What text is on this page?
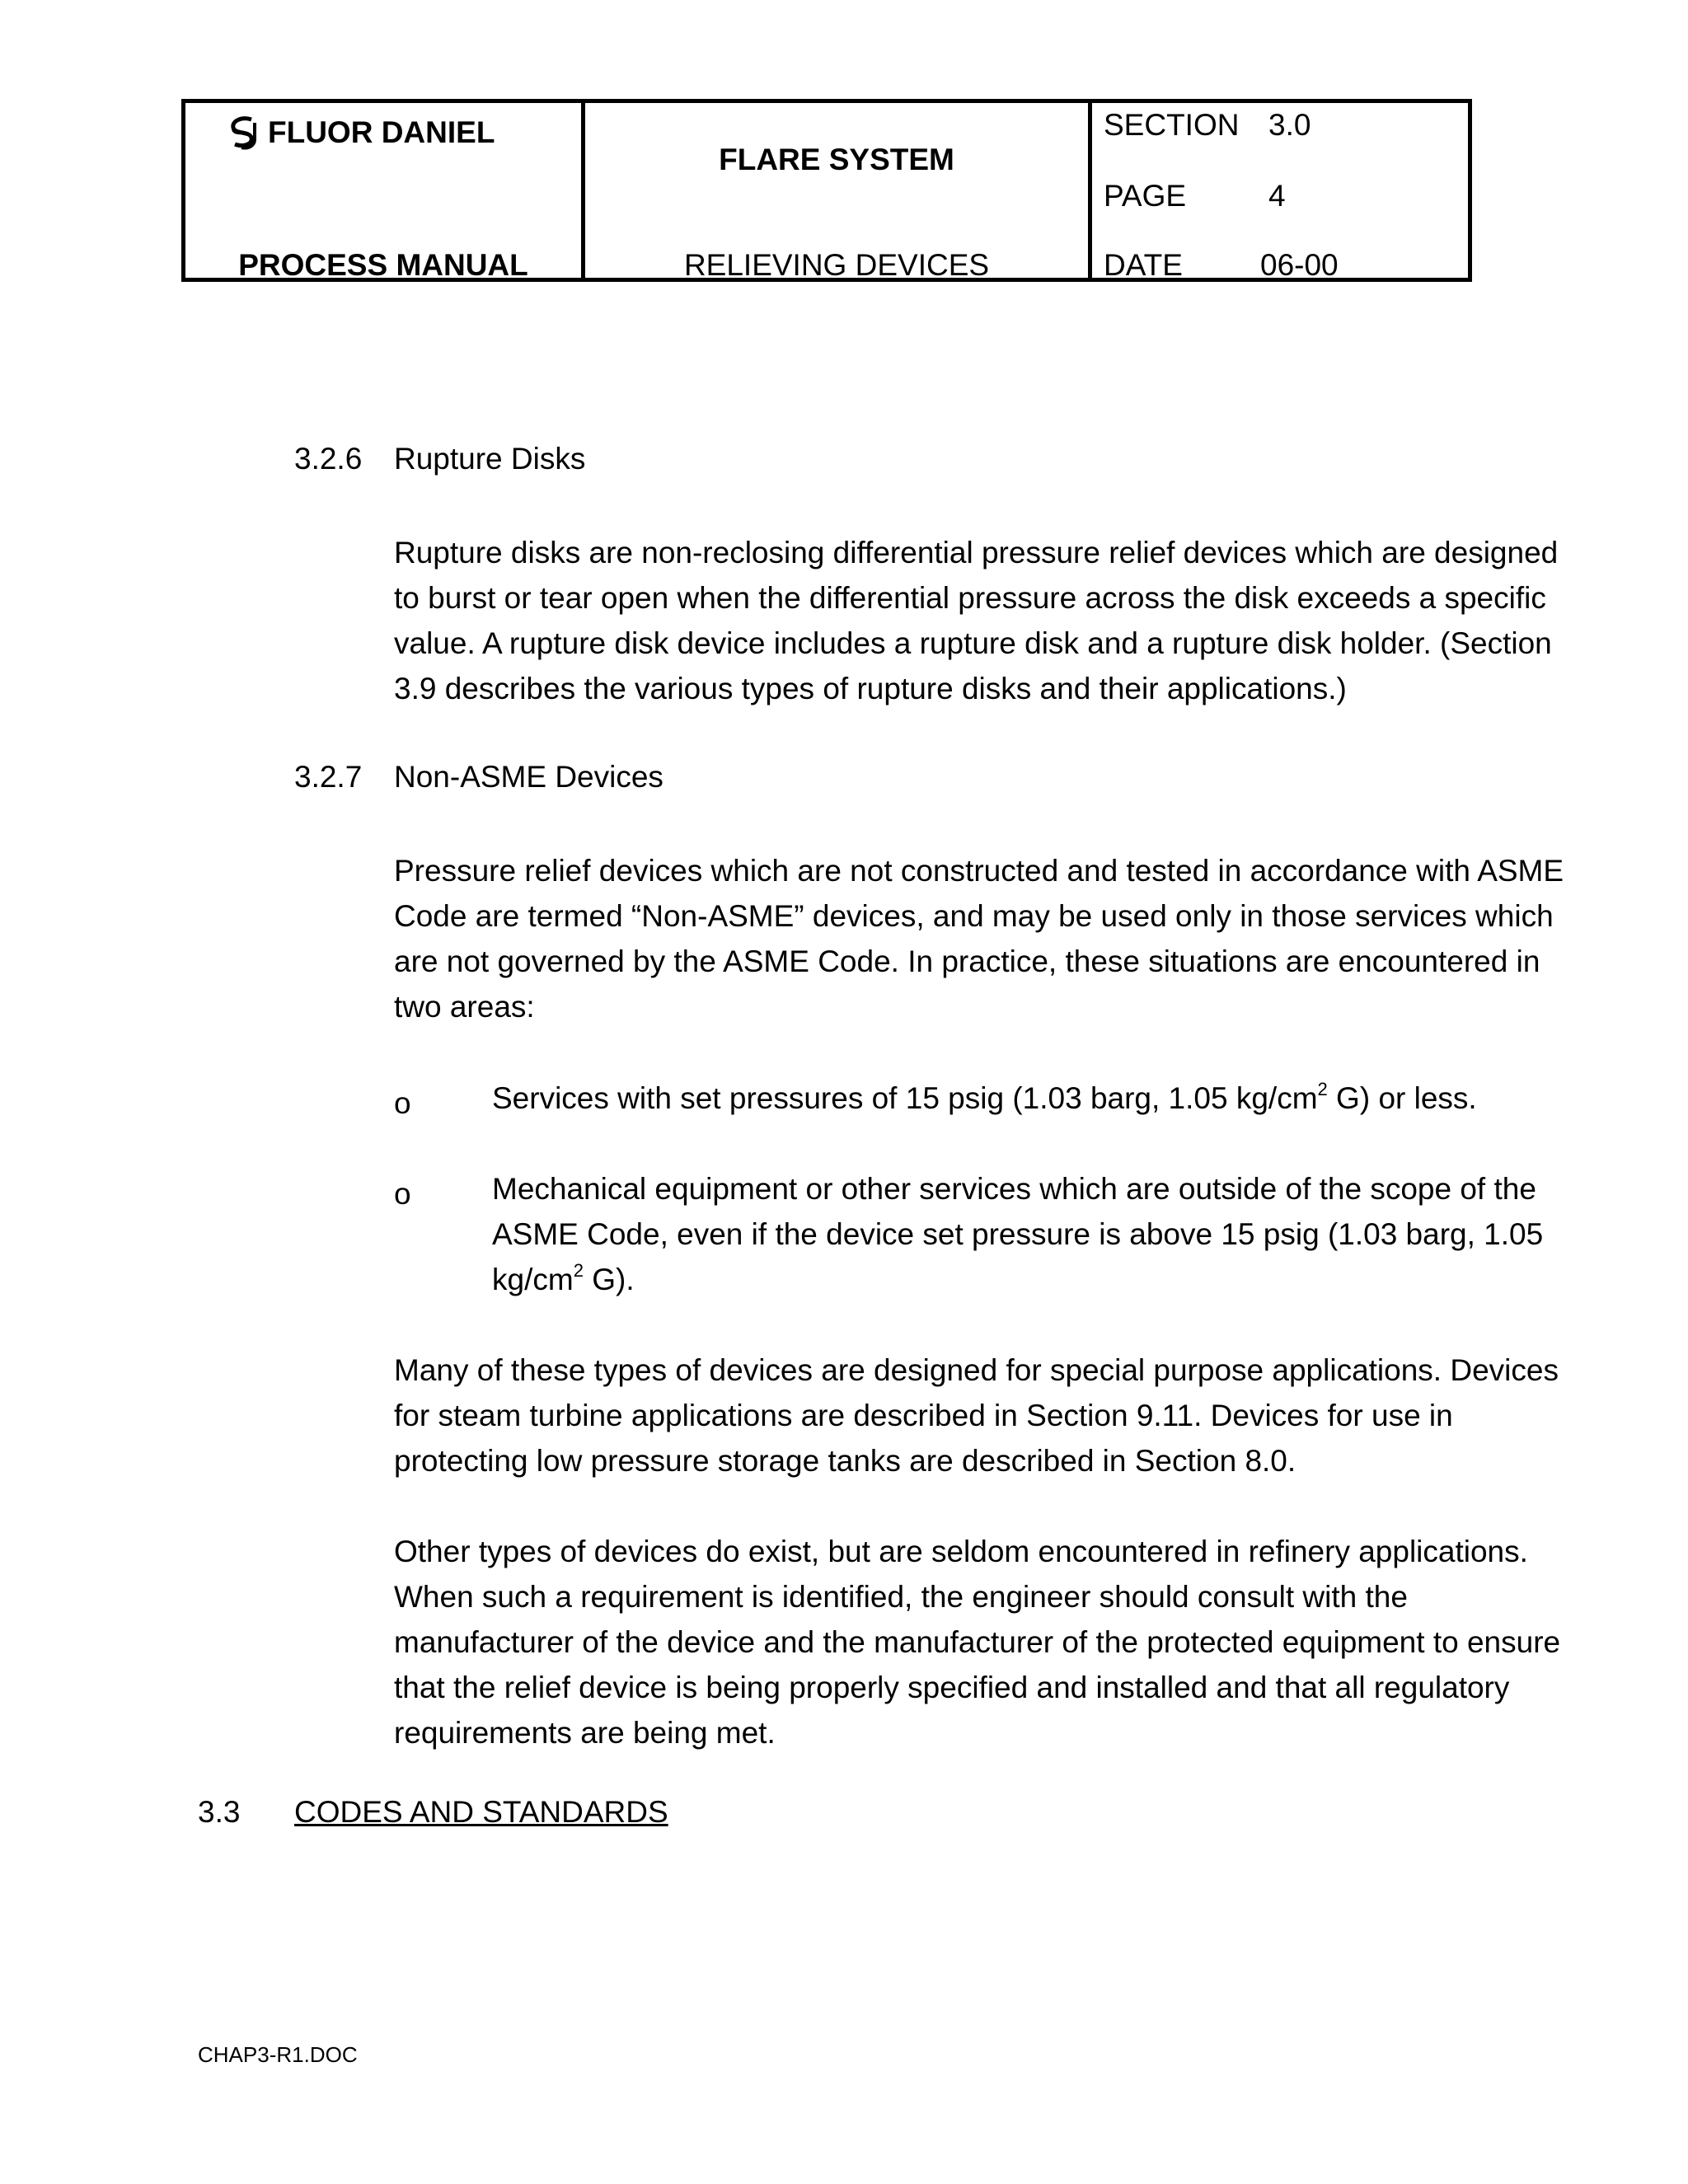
FLUOR DANIEL
PROCESS MANUAL
FLARE SYSTEM
RELIEVING DEVICES
SECTION 3.0
PAGE	4
DATE	06-00
3.2.6 Rupture Disks
Rupture disks are non-reclosing differential pressure relief devices which are designed
to burst or tear open when the differential pressure across the disk exceeds a specific
value. A rupture disk device includes a rupture disk and a rupture disk holder. (Section
3.9 describes the various types of rupture disks and their applications.)
3.2.7 Non-ASME Devices
Pressure relief devices which are not constructed and tested in accordance with ASME
Code are termed “Non-ASME” devices, and may be used only in those services which
are not governed by the ASME Code. In practice, these situations are encountered in
two areas:
o	Services with set pressures of 15 psig (1.03 barg, 1.05 $kg/cm^2$ G) or less.
o	Mechanical equipment or other services which are outside of the scope of the
ASME Code, even if the device set pressure is above 15 psig (1.03 barg, 1.05
$kg/cm^2$ G).
Many of these types of devices are designed for special purpose applications. Devices
for steam turbine applications are described in Section 9.11. Devices for use in
protecting low pressure storage tanks are described in Section 8.0.
Other types of devices do exist, but are seldom encountered in refinery applications.
When such a requirement is identified, the engineer should consult with the
manufacturer of the device and the manufacturer of the protected equipment to ensure
that the relief device is being properly specified and installed and that all regulatory
requirements are being met.
3.3 CODES AND STANDARDS
CHAP3-R1.DOC
